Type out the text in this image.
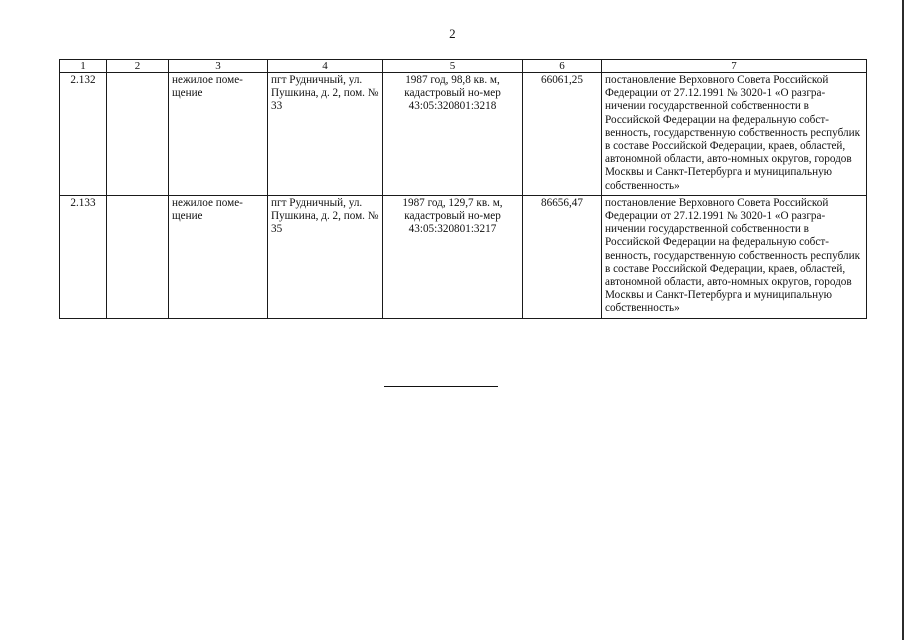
2
1	2	3	4	5	6	7
2.132		нежилое поме-щение	пгт Рудничный, ул. Пушкина, д. 2, пом. № 33	1987 год, 98,8 кв. м, кадастровый но-мер 43:05:320801:3218	66061,25	постановление Верховного Совета Российской Федерации от 27.12.1991 № 3020-1 «О разгра-ничении государственной собственности в Российской Федерации на федеральную собст-венность, государственную собственность республик в составе Российской Федерации, краев, областей, автономной области, авто-номных округов, городов Москвы и Санкт-Петербурга и муниципальную собственность»
2.133		нежилое поме-щение	пгт Рудничный, ул. Пушкина, д. 2, пом. № 35	1987 год, 129,7 кв. м, кадастровый но-мер 43:05:320801:3217	86656,47	постановление Верховного Совета Российской Федерации от 27.12.1991 № 3020-1 «О разгра-ничении государственной собственности в Российской Федерации на федеральную собст-венность, государственную собственность республик в составе Российской Федерации, краев, областей, автономной области, авто-номных округов, городов Москвы и Санкт-Петербурга и муниципальную собственность»
